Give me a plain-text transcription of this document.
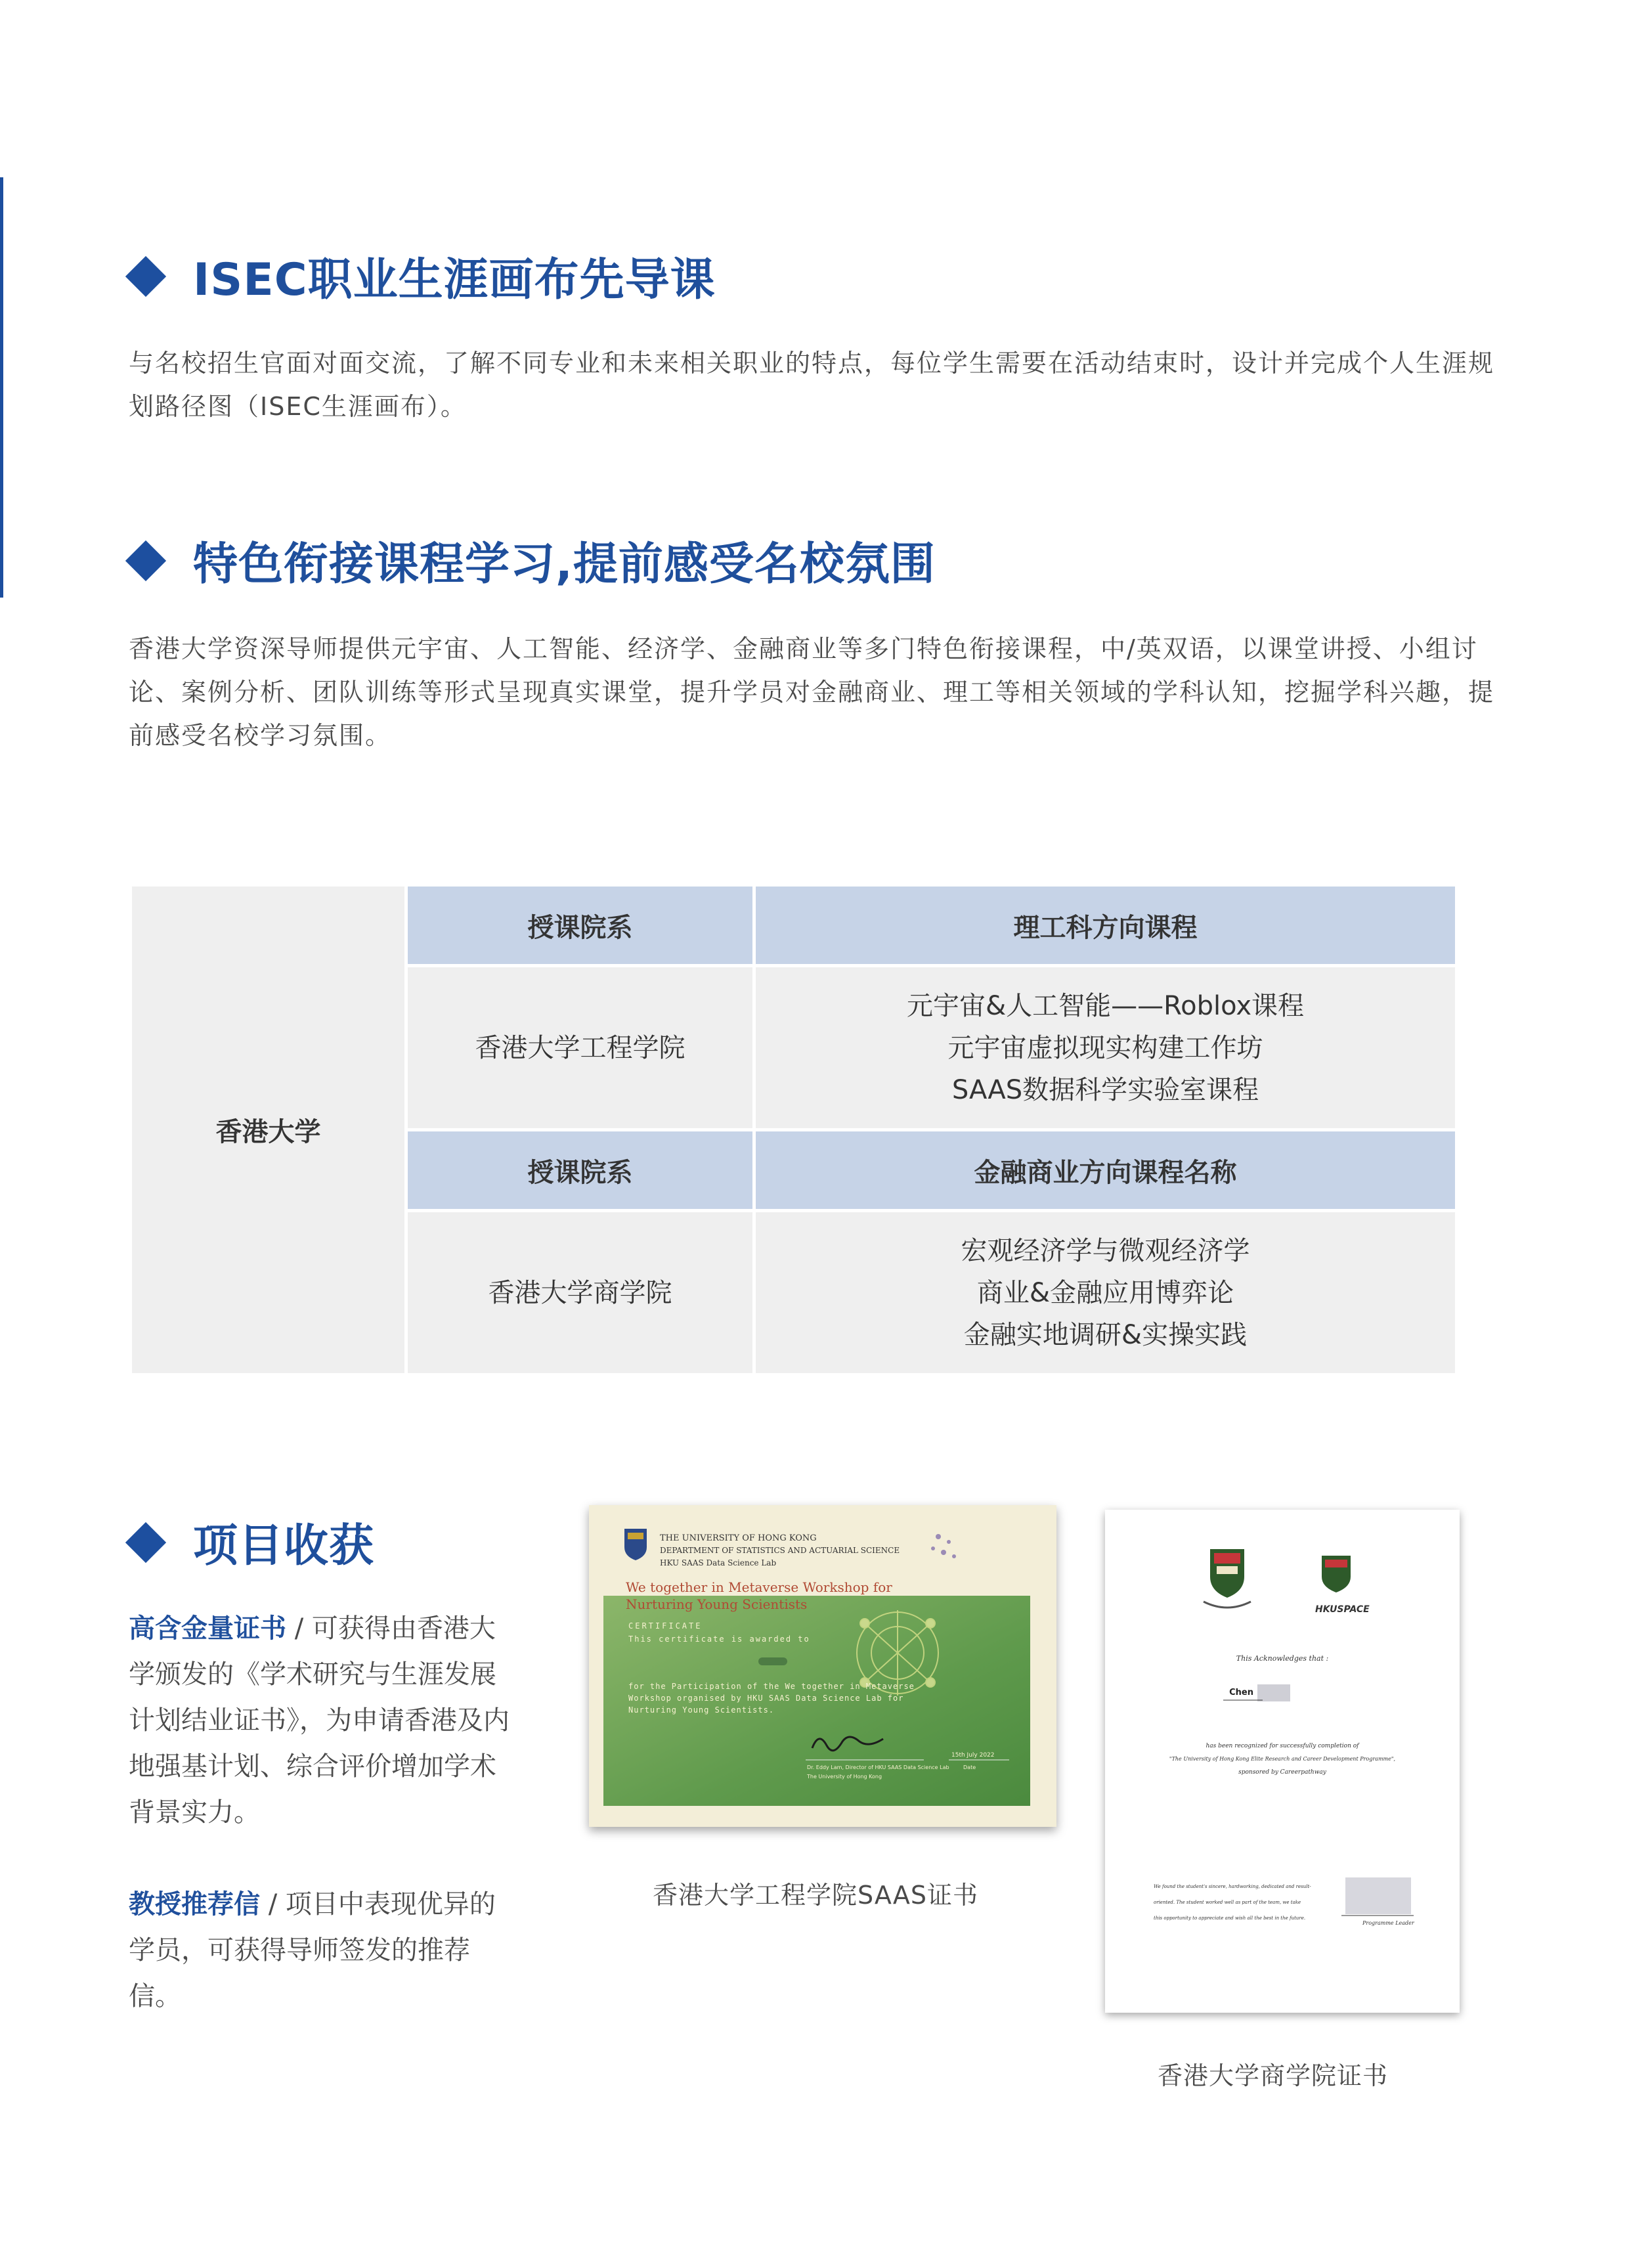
ISEC职业生涯画布先导课

与名校招生官面对面交流，了解不同专业和未来相关职业的特点，每位学生需要在活动结束时，设计并完成个人生涯规划路径图（ISEC生涯画布）。

特色衔接课程学习,提前感受名校氛围

香港大学资深导师提供元宇宙、人工智能、经济学、金融商业等多门特色衔接课程，中/英双语，以课堂讲授、小组讨论、案例分析、团队训练等形式呈现真实课堂，提升学员对金融商业、理工等相关领域的学科认知，挖掘学科兴趣，提前感受名校学习氛围。

香港大学	授课院系	理工科方向课程
	香港大学工程学院	元宇宙&人工智能——Roblox课程
元宇宙虚拟现实构建工作坊
SAAS数据科学实验室课程

	授课院系	金融商业方向课程名称
	香港大学商学院	宏观经济学与微观经济学
商业&金融应用博弈论
金融实地调研&实操实践
项目收获

高含金量证书 / 可获得由香港大学颁发的《学术研究与生涯发展计划结业证书》，为申请香港及内地强基计划、综合评价增加学术背景实力。

教授推荐信 / 项目中表现优异的学员，可获得导师签发的推荐信。

THE UNIVERSITY OF HONG KONG
DEPARTMENT OF STATISTICS AND ACTUARIAL SCIENCE
HKU SAAS Data Science Lab
We together in Metaverse Workshop for
Nurturing Young Scientists
CERTIFICATE
This certificate is awarded to
for the Participation of the We together in Metaverse
Workshop organised by HKU SAAS Data Science Lab for
Nurturing Young Scientists.
15th July 2022
Dr. Eddy Lam, Director of HKU SAAS Data Science Lab	Date
The University of Hong Kong

香港大学工程学院SAAS证书

HKUSPACE
This Acknowledges that :
Chen
has been recognized for successfully completion of
"The University of Hong Kong Elite Research and Career Development Programme",
sponsored by Careerpathway
We found the student's sincere, hardworking, dedicated and result-
oriented. The student worked well as part of the team, we take
this opportunity to appreciate and wish all the best in the future.
Programme Leader

香港大学商学院证书
